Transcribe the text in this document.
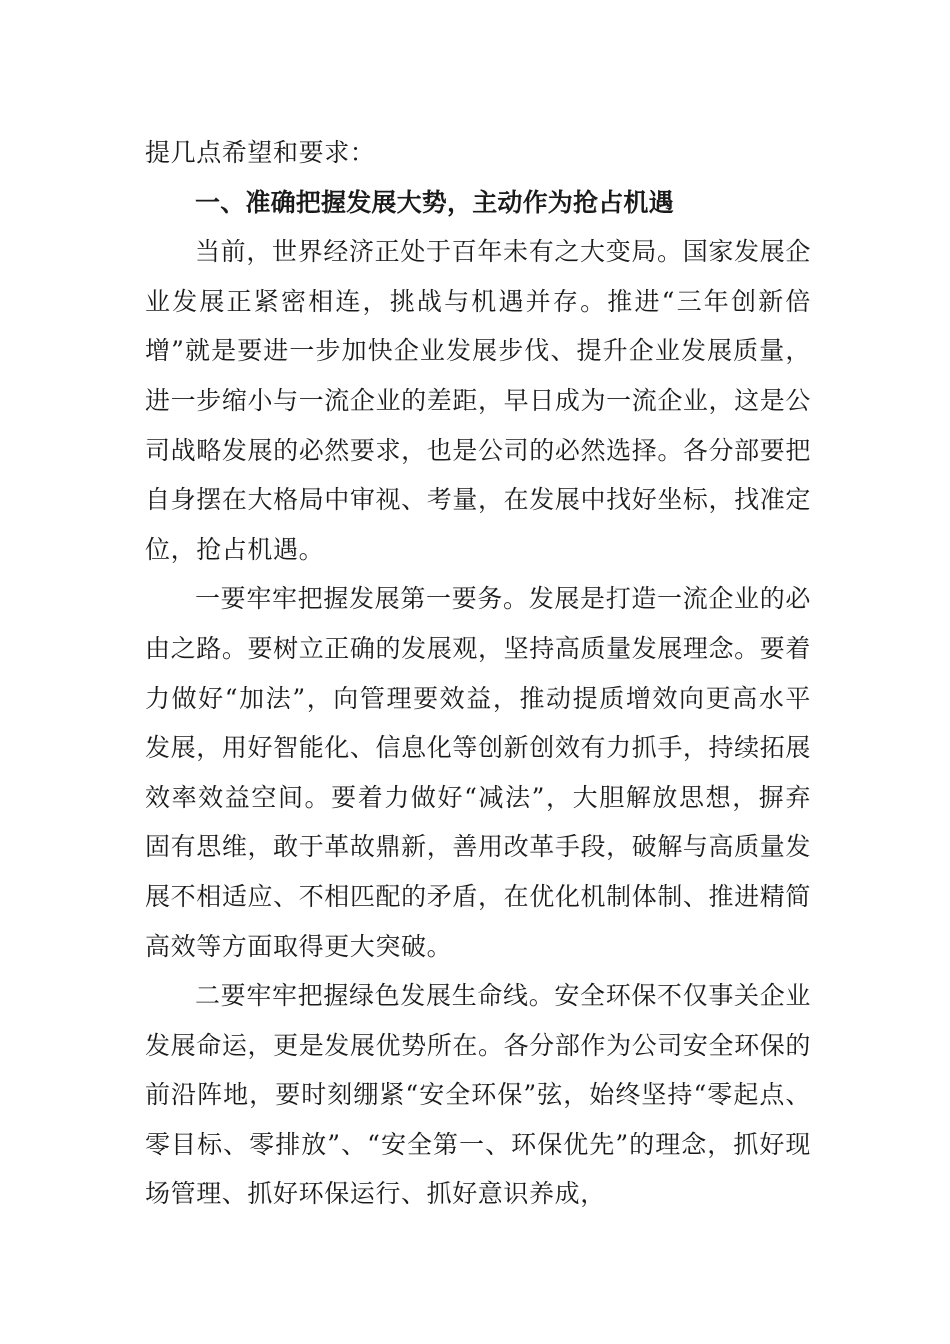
提几点希望和要求：

一、准确把握发展大势，主动作为抢占机遇

当前，世界经济正处于百年未有之大变局。国家发展企业发展正紧密相连，挑战与机遇并存。推进“三年创新倍增”就是要进一步加快企业发展步伐、提升企业发展质量，进一步缩小与一流企业的差距，早日成为一流企业，这是公司战略发展的必然要求，也是公司的必然选择。各分部要把自身摆在大格局中审视、考量，在发展中找好坐标，找准定位，抢占机遇。

一要牢牢把握发展第一要务。发展是打造一流企业的必由之路。要树立正确的发展观，坚持高质量发展理念。要着力做好“加法”，向管理要效益，推动提质增效向更高水平发展，用好智能化、信息化等创新创效有力抓手，持续拓展效率效益空间。要着力做好“减法”，大胆解放思想，摒弃固有思维，敢于革故鼎新，善用改革手段，破解与高质量发展不相适应、不相匹配的矛盾，在优化机制体制、推进精简高效等方面取得更大突破。

二要牢牢把握绿色发展生命线。安全环保不仅事关企业发展命运，更是发展优势所在。各分部作为公司安全环保的前沿阵地，要时刻绷紧“安全环保”弦，始终坚持“零起点、零目标、零排放”、“安全第一、环保优先”的理念，抓好现场管理、抓好环保运行、抓好意识养成，
